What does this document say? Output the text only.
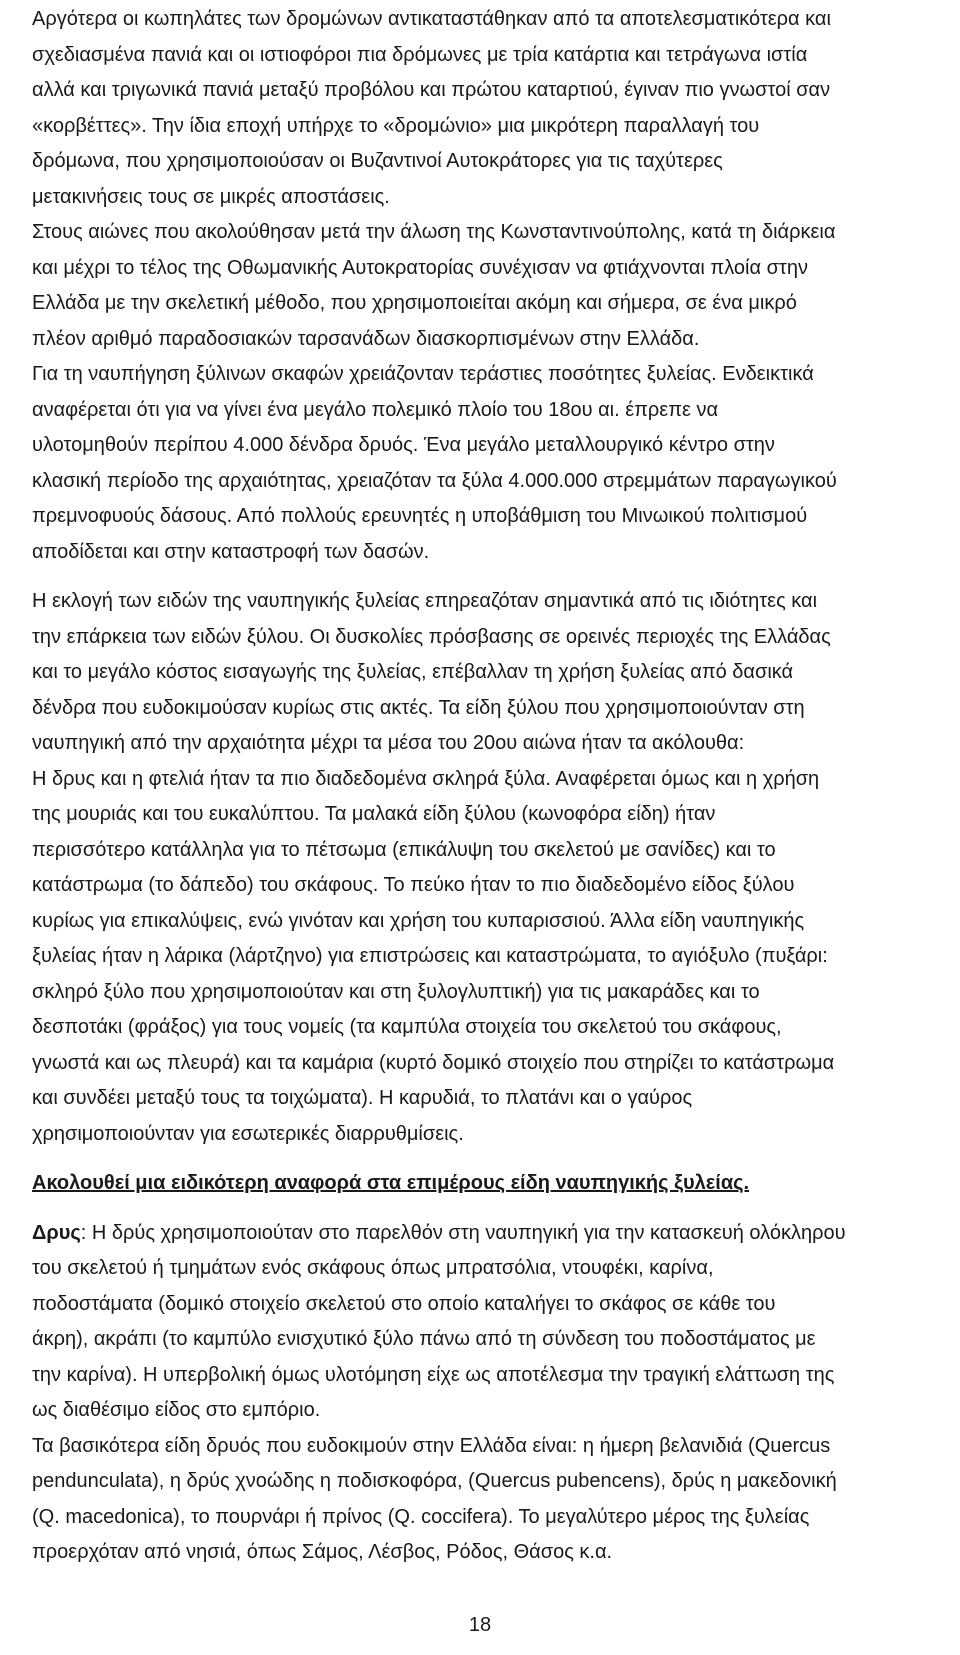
Αργότερα οι κωπηλάτες των δρομώνων αντικαταστάθηκαν από τα αποτελεσματικότερα και
σχεδιασμένα πανιά και οι ιστιοφόροι πια δρόμωνες με τρία κατάρτια και τετράγωνα ιστία
αλλά και τριγωνικά πανιά μεταξύ προβόλου και πρώτου καταρτιού, έγιναν πιο γνωστοί σαν
«κορβέττες». Την ίδια εποχή υπήρχε το «δρομώνιο» μια μικρότερη παραλλαγή του
δρόμωνα, που χρησιμοποιούσαν οι Βυζαντινοί Αυτοκράτορες για τις ταχύτερες
μετακινήσεις τους σε μικρές αποστάσεις.
Στους αιώνες που ακολούθησαν μετά την άλωση της Κωνσταντινούπολης, κατά τη διάρκεια
και μέχρι το τέλος της Οθωμανικής Αυτοκρατορίας συνέχισαν να φτιάχνονται πλοία στην
Ελλάδα με την σκελετική μέθοδο, που χρησιμοποιείται ακόμη και σήμερα, σε ένα μικρό
πλέον αριθμό παραδοσιακών ταρσανάδων διασκορπισμένων στην Ελλάδα.
Για τη ναυπήγηση ξύλινων σκαφών χρειάζονταν τεράστιες ποσότητες ξυλείας. Ενδεικτικά
αναφέρεται ότι για να γίνει ένα μεγάλο πολεμικό πλοίο του 18ου αι. έπρεπε να
υλοτομηθούν περίπου 4.000 δένδρα δρυός. Ένα μεγάλο μεταλλουργικό κέντρο στην
κλασική περίοδο της αρχαιότητας, χρειαζόταν τα ξύλα 4.000.000 στρεμμάτων παραγωγικού
πρεμνοφυούς δάσους. Από πολλούς ερευνητές η υποβάθμιση του Μινωικού πολιτισμού
αποδίδεται και στην καταστροφή των δασών.
Η εκλογή των ειδών της ναυπηγικής ξυλείας επηρεαζόταν σημαντικά από τις ιδιότητες και
την επάρκεια των ειδών ξύλου. Οι δυσκολίες πρόσβασης σε ορεινές περιοχές της Ελλάδας
και το μεγάλο κόστος εισαγωγής της ξυλείας, επέβαλλαν τη χρήση ξυλείας από δασικά
δένδρα που ευδοκιμούσαν κυρίως στις ακτές. Τα είδη ξύλου που χρησιμοποιούνταν στη
ναυπηγική από την αρχαιότητα μέχρι τα μέσα του 20ου αιώνα ήταν τα ακόλουθα:
Η δρυς και η φτελιά ήταν τα πιο διαδεδομένα σκληρά ξύλα. Αναφέρεται όμως και η χρήση
της μουριάς και του ευκαλύπτου. Τα μαλακά είδη ξύλου (κωνοφόρα είδη) ήταν
περισσότερο κατάλληλα για το πέτσωμα (επικάλυψη του σκελετού με σανίδες) και το
κατάστρωμα (το δάπεδο) του σκάφους. Το πεύκο ήταν το πιο διαδεδομένο είδος ξύλου
κυρίως για επικαλύψεις, ενώ γινόταν και χρήση του κυπαρισσιού. Άλλα είδη ναυπηγικής
ξυλείας ήταν η λάρικα (λάρτζηνο) για επιστρώσεις και καταστρώματα, το αγιόξυλο (πυξάρι:
σκληρό ξύλο που χρησιμοποιούταν και στη ξυλογλυπτική) για τις μακαράδες και το
δεσποτάκι (φράξος) για τους νομείς (τα καμπύλα στοιχεία του σκελετού του σκάφους,
γνωστά και ως πλευρά) και τα καμάρια (κυρτό δομικό στοιχείο που στηρίζει το κατάστρωμα
και συνδέει μεταξύ τους τα τοιχώματα). Η καρυδιά, το πλατάνι και ο γαύρος
χρησιμοποιούνταν για εσωτερικές διαρρυθμίσεις.
Ακολουθεί μια ειδικότερη αναφορά στα επιμέρους είδη ναυπηγικής ξυλείας.
Δρυς: Η δρύς χρησιμοποιούταν στο παρελθόν στη ναυπηγική για την κατασκευή ολόκληρου
του σκελετού ή τμημάτων ενός σκάφους όπως μπρατσόλια, ντουφέκι, καρίνα,
ποδοστάματα (δομικό στοιχείο σκελετού στο οποίο καταλήγει το σκάφος σε κάθε του
άκρη), ακράπι (το καμπύλο ενισχυτικό ξύλο πάνω από τη σύνδεση του ποδοστάματος με
την καρίνα). Η υπερβολική όμως υλοτόμηση είχε ως αποτέλεσμα την τραγική ελάττωση της
ως διαθέσιμο είδος στο εμπόριο.
Τα βασικότερα είδη δρυός που ευδοκιμούν στην Ελλάδα είναι: η ήμερη βελανιδιά (Quercus
pendunculata), η δρύς χνοώδης η ποδισκοφόρα, (Quercus pubencens), δρύς η μακεδονική
(Q. macedonica), το πουρνάρι ή πρίνος (Q. coccifera). Το μεγαλύτερο μέρος της ξυλείας
προερχόταν από νησιά, όπως Σάμος, Λέσβος, Ρόδος, Θάσος κ.α.
18
